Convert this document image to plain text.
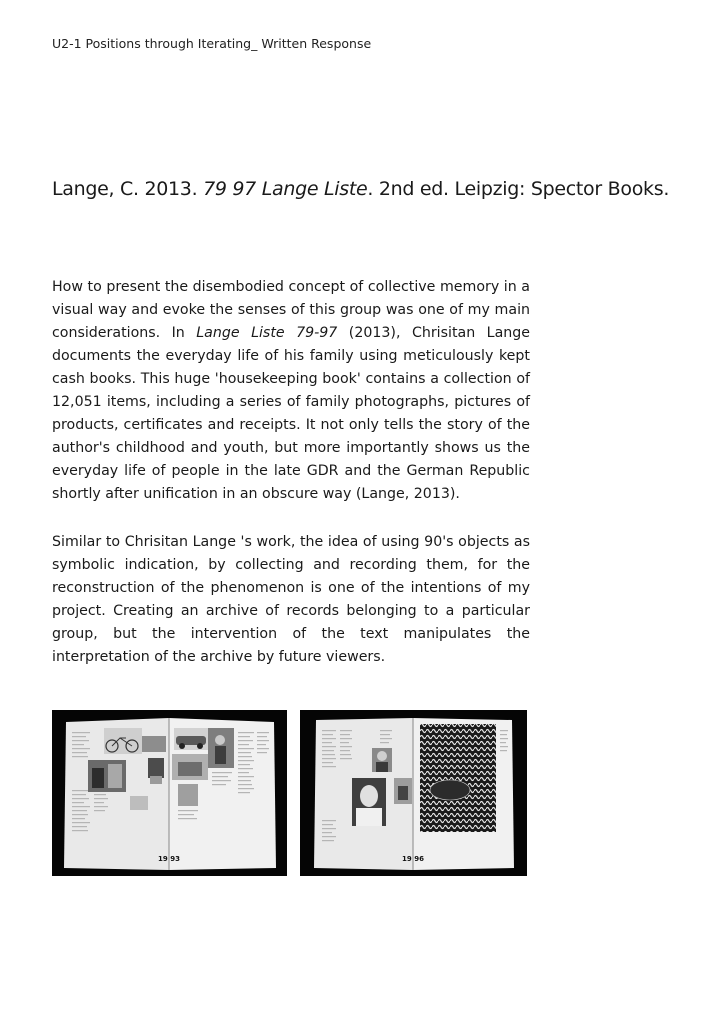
U2-1 Positions through Iterating_ Written Response
Lange, C. 2013. 79 97 Lange Liste. 2nd ed. Leipzig: Spector Books.
How to present the disembodied concept of collective memory in a visual way and evoke the senses of this group was one of my main considerations. In Lange Liste 79-97 (2013), Chrisitan Lange documents the everyday life of his family using meticulously kept cash books. This huge 'housekeeping book' contains a collection of 12,051 items, including a series of family photographs, pictures of products, certificates and receipts. It not only tells the story of the author's childhood and youth, but more importantly shows us the everyday life of people in the late GDR and the German Republic shortly after unification in an obscure way (Lange, 2013).
Similar to Chrisitan Lange 's work, the idea of using 90's objects as symbolic indication, by collecting and recording them, for the reconstruction of the phenomenon is one of the intentions of my project. Creating an archive of records belonging to a particular group, but the intervention of the text manipulates the interpretation of the archive by future viewers.
19 93	19 96
